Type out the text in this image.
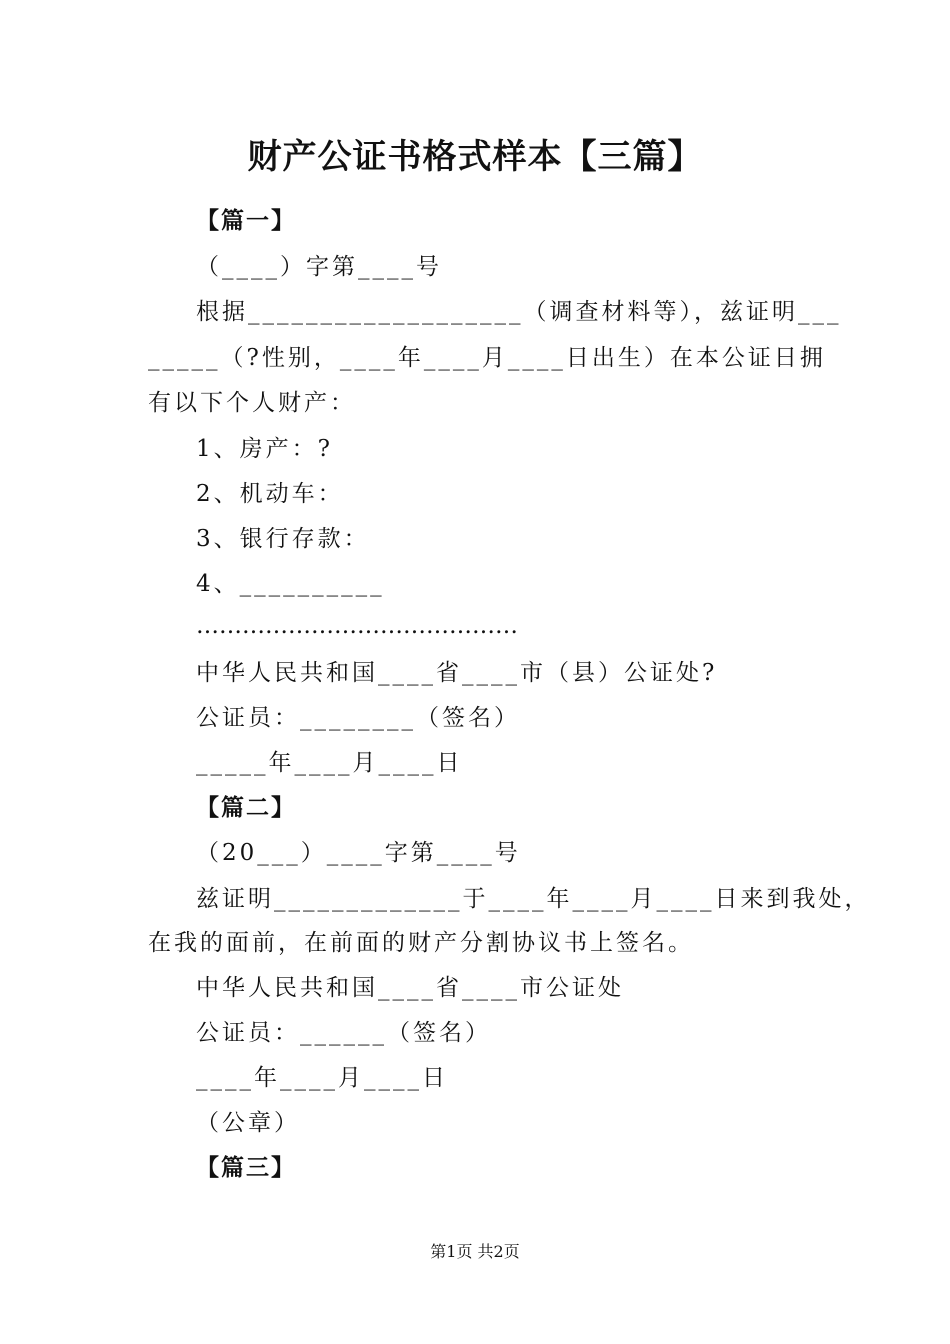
财产公证书格式样本【三篇】
【篇一】
（____）字第____号
根据___________________（调查材料等），兹证明___
_____（?性别，____年____月____日出生）在本公证日拥
有以下个人财产：
1、房产：?
2、机动车：
3、银行存款：
4、__________
……………………………………
中华人民共和国____省____市（县）公证处?
公证员：________（签名）
_____年____月____日
【篇二】
（20___）____字第____号
兹证明_____________于____年____月____日来到我处，
在我的面前，在前面的财产分割协议书上签名。
中华人民共和国____省____市公证处
公证员：______（签名）
____年____月____日
（公章）
【篇三】
第1页 共2页
